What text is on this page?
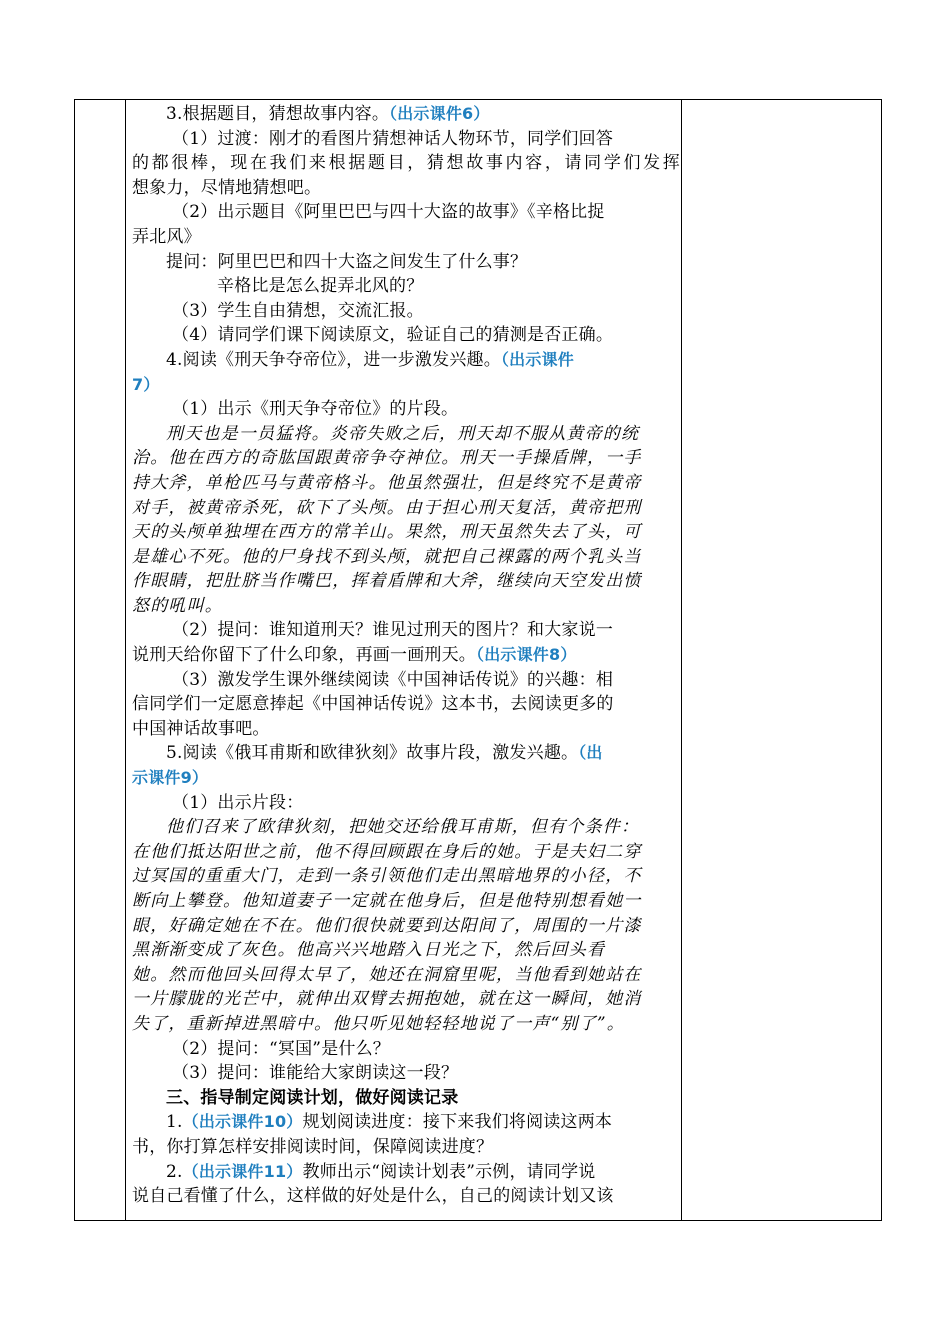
3.根据题目，猜想故事内容。（出示课件6）
（1）过渡：刚才的看图片猜想神话人物环节，同学们回答
的都很棒，现在我们来根据题目，猜想故事内容，请同学们发挥
想象力，尽情地猜想吧。
（2）出示题目《阿里巴巴与四十大盗的故事》《辛格比捉
弄北风》
提问：阿里巴巴和四十大盗之间发生了什么事？
辛格比是怎么捉弄北风的？
（3）学生自由猜想，交流汇报。
（4）请同学们课下阅读原文，验证自己的猜测是否正确。
4.阅读《刑天争夺帝位》，进一步激发兴趣。（出示课件
7）
（1）出示《刑天争夺帝位》的片段。
刑天也是一员猛将。炎帝失败之后，刑天却不服从黄帝的统
治。他在西方的奇肱国跟黄帝争夺神位。刑天一手操盾牌，一手
持大斧，单枪匹马与黄帝格斗。他虽然强壮，但是终究不是黄帝
对手，被黄帝杀死，砍下了头颅。由于担心刑天复活，黄帝把刑
天的头颅单独埋在西方的常羊山。果然，刑天虽然失去了头，可
是雄心不死。他的尸身找不到头颅，就把自己裸露的两个乳头当
作眼睛，把肚脐当作嘴巴，挥着盾牌和大斧，继续向天空发出愤
怒的吼叫。
（2）提问：谁知道刑天？谁见过刑天的图片？和大家说一
说刑天给你留下了什么印象，再画一画刑天。（出示课件8）
（3）激发学生课外继续阅读《中国神话传说》的兴趣：相
信同学们一定愿意捧起《中国神话传说》这本书，去阅读更多的
中国神话故事吧。
5.阅读《俄耳甫斯和欧律狄刻》故事片段，激发兴趣。（出
示课件9）
（1）出示片段：
他们召来了欧律狄刻，把她交还给俄耳甫斯，但有个条件：
在他们抵达阳世之前，他不得回顾跟在身后的她。于是夫妇二穿
过冥国的重重大门，走到一条引领他们走出黑暗地界的小径，不
断向上攀登。他知道妻子一定就在他身后，但是他特别想看她一
眼，好确定她在不在。他们很快就要到达阳间了，周围的一片漆
黑渐渐变成了灰色。他高兴兴地踏入日光之下，然后回头看
她。然而他回头回得太早了，她还在洞窟里呢，当他看到她站在
一片朦胧的光芒中，就伸出双臂去拥抱她，就在这一瞬间，她消
失了，重新掉进黑暗中。他只听见她轻轻地说了一声“别了”。
（2）提问：“冥国”是什么？
（3）提问：谁能给大家朗读这一段？
三、指导制定阅读计划，做好阅读记录
1.（出示课件10）规划阅读进度：接下来我们将阅读这两本
书，你打算怎样安排阅读时间，保障阅读进度？
2.（出示课件11）教师出示“阅读计划表”示例，请同学说
说自己看懂了什么，这样做的好处是什么，自己的阅读计划又该
